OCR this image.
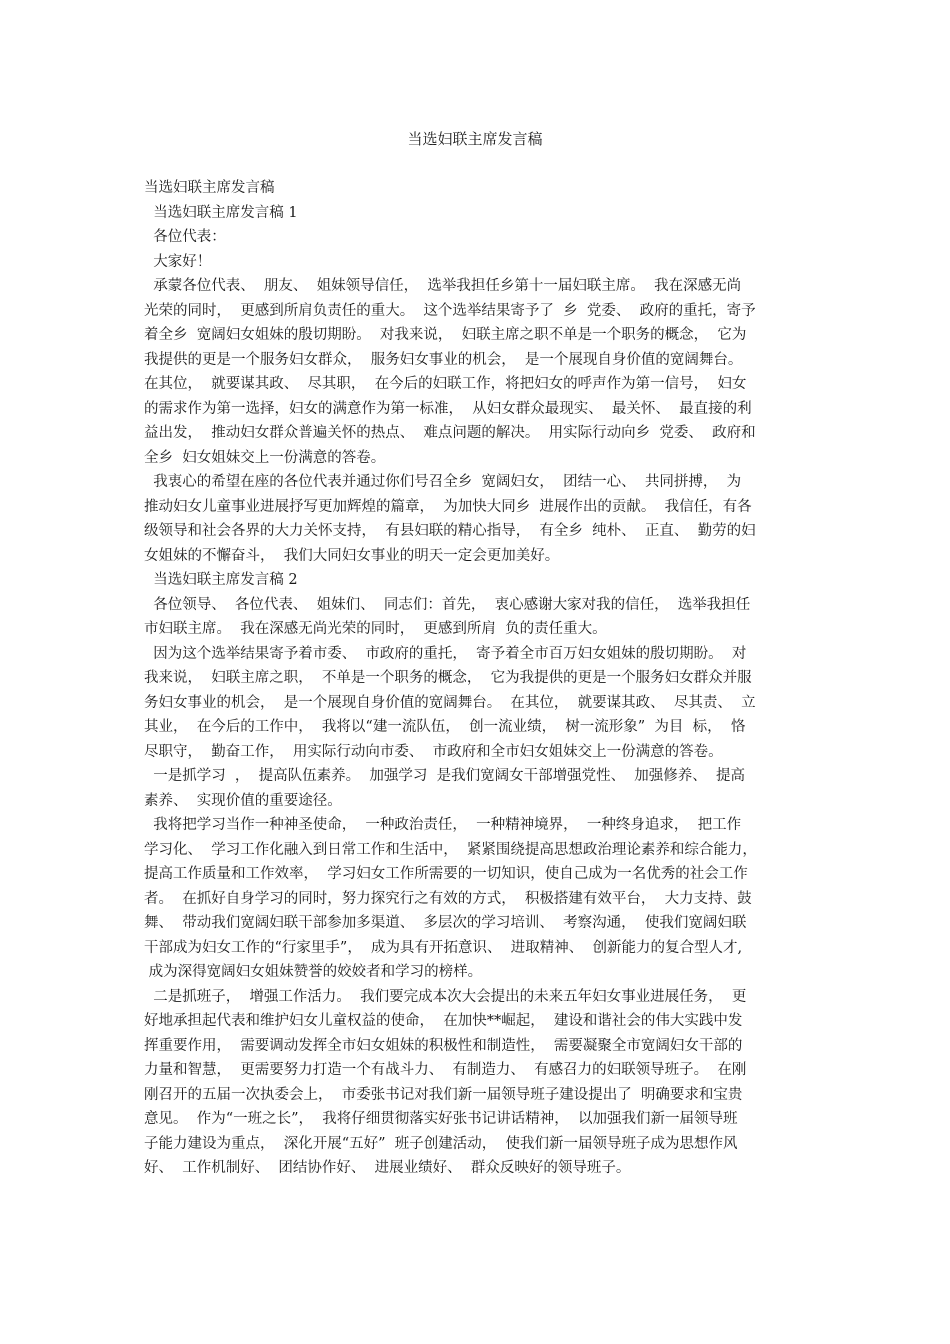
当选妇联主席发言稿
当选妇联主席发言稿
当选妇联主席发言稿 1
各位代表：
大家好！
承蒙各位代表、  朋友、  姐妹领导信任，  选举我担任乡第十一届妇联主席。  我在深感无尚
光荣的同时，  更感到所肩负责任的重大。  这个选举结果寄予了  乡  党委、  政府的重托，寄予
着全乡  宽阔妇女姐妹的殷切期盼。  对我来说，  妇联主席之职不单是一个职务的概念，  它为
我提供的更是一个服务妇女群众，  服务妇女事业的机会，  是一个展现自身价值的宽阔舞台。
在其位，  就要谋其政、  尽其职，  在今后的妇联工作，将把妇女的呼声作为第一信号，  妇女
的需求作为第一选择，妇女的满意作为第一标准，  从妇女群众最现实、  最关怀、  最直接的利
益出发，  推动妇女群众普遍关怀的热点、  难点问题的解决。  用实际行动向乡  党委、  政府和
全乡  妇女姐妹交上一份满意的答卷。
我衷心的希望在座的各位代表并通过你们号召全乡  宽阔妇女，  团结一心、  共同拼搏，  为
推动妇女儿童事业进展抒写更加辉煌的篇章，  为加快大同乡  进展作出的贡献。  我信任，有各
级领导和社会各界的大力关怀支持，  有县妇联的精心指导，  有全乡  纯朴、  正直、  勤劳的妇
女姐妹的不懈奋斗，  我们大同妇女事业的明天一定会更加美好。
当选妇联主席发言稿 2
各位领导、  各位代表、  姐妹们、  同志们：首先，  衷心感谢大家对我的信任，  选举我担任
市妇联主席。  我在深感无尚光荣的同时，  更感到所肩  负的责任重大。
因为这个选举结果寄予着市委、  市政府的重托，  寄予着全市百万妇女姐妹的殷切期盼。  对
我来说，  妇联主席之职，  不单是一个职务的概念，  它为我提供的更是一个服务妇女群众并服
务妇女事业的机会，  是一个展现自身价值的宽阔舞台。  在其位，  就要谋其政、  尽其责、  立
其业，  在今后的工作中，  我将以“建一流队伍，  创一流业绩，  树一流形象”  为目  标，  恪
尽职守，  勤奋工作，  用实际行动向市委、  市政府和全市妇女姐妹交上一份满意的答卷。
一是抓学习  ，  提高队伍素养。  加强学习  是我们宽阔女干部增强党性、  加强修养、  提高
素养、  实现价值的重要途径。
我将把学习当作一种神圣使命，  一种政治责任，  一种精神境界，  一种终身追求，  把工作
学习化、  学习工作化融入到日常工作和生活中，  紧紧围绕提高思想政治理论素养和综合能力，
提高工作质量和工作效率，  学习妇女工作所需要的一切知识，使自己成为一名优秀的社会工作
者。  在抓好自身学习的同时，努力探究行之有效的方式，  积极搭建有效平台，  大力支持、鼓
舞、  带动我们宽阔妇联干部参加多渠道、  多层次的学习培训、  考察沟通，  使我们宽阔妇联
干部成为妇女工作的“行家里手”，  成为具有开拓意识、  进取精神、  创新能力的复合型人才,
成为深得宽阔妇女姐妹赞誉的姣姣者和学习的榜样。
二是抓班子，  增强工作活力。  我们要完成本次大会提出的未来五年妇女事业进展任务，  更
好地承担起代表和维护妇女儿童权益的使命，  在加快**崛起，  建设和谐社会的伟大实践中发
挥重要作用，  需要调动发挥全市妇女姐妹的积极性和制造性，  需要凝聚全市宽阔妇女干部的
力量和智慧，  更需要努力打造一个有战斗力、  有制造力、  有感召力的妇联领导班子。  在刚
刚召开的五届一次执委会上，  市委张书记对我们新一届领导班子建设提出了  明确要求和宝贵
意见。  作为“一班之长”，  我将仔细贯彻落实好张书记讲话精神，  以加强我们新一届领导班
子能力建设为重点，  深化开展“五好”  班子创建活动，  使我们新一届领导班子成为思想作风
好、  工作机制好、  团结协作好、  进展业绩好、  群众反映好的领导班子。
